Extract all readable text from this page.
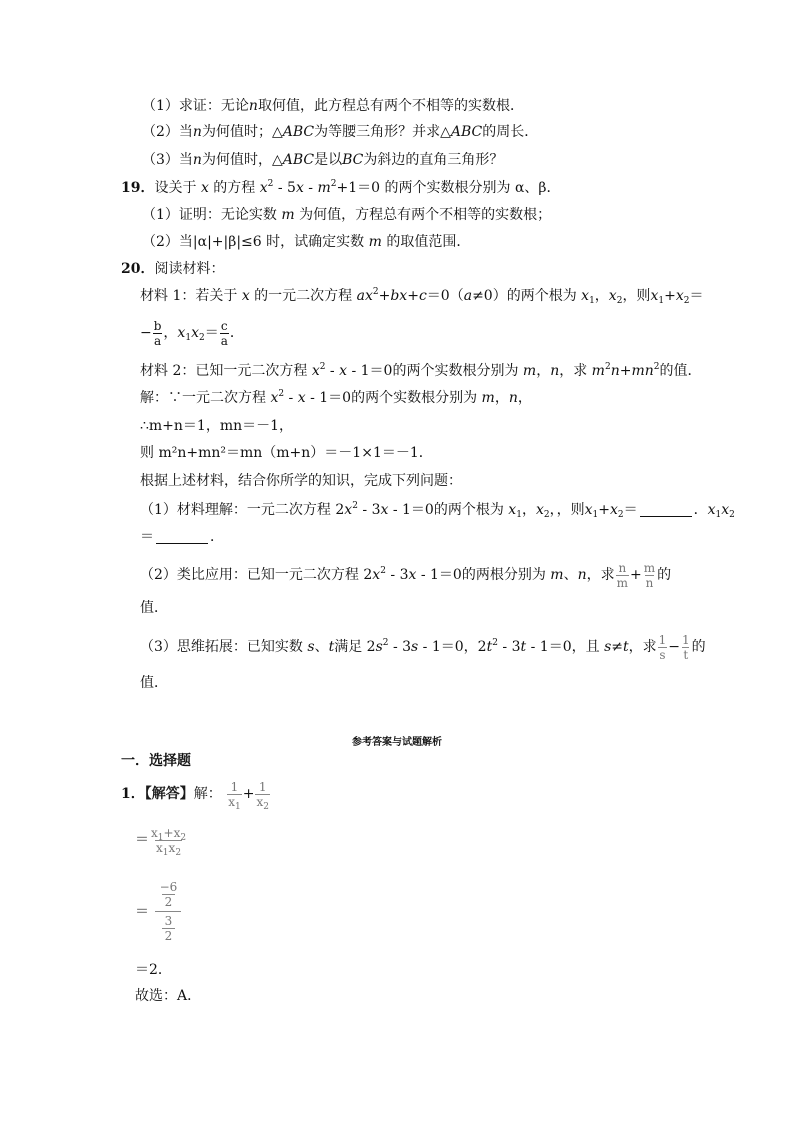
（1）求证：无论n取何值，此方程总有两个不相等的实数根．
（2）当n为何值时；△ABC为等腰三角形？并求△ABC的周长．
（3）当n为何值时，△ABC是以BC为斜边的直角三角形？
19．设关于 x 的方程 $x^2 - 5x - m^2+1=0$ 的两个实数根分别为 α、β．
（1）证明：无论实数 m 为何值，方程总有两个不相等的实数根；
（2）当|α|+|β|≤6 时，试确定实数 m 的取值范围．
20．阅读材料：
材料 1：若关于 x 的一元二次方程 $ax^2+bx+c=0(a\ne 0)$的两个根为 $x_1$，$x_2$，则$x_1+x_2=$
− $\frac{b}{a}$ ，$x_1x_2= \frac{c}{a}$ ．
材料 2：已知一元二次方程 $x^2 - x - 1=0$的两个实数根分别为 m，n，求 $m^2n+mn^2$的值．
解：∵一元二次方程 $x^2 - x - 1=0$的两个实数根分别为 m，n，
∴m+n＝1，mn＝－1，
则 m²n+mn²＝mn（m+n）＝－1×1＝－1．
根据上述材料，结合你所学的知识，完成下列问题：
（1）材料理解：一元二次方程 $2x^2 - 3x - 1=0$的两个根为 $x_1$，$x_2$，，则$x_1+x_2=$	．$x_1x_2$
＝	．
（2）类比应用：已知一元二次方程 $2x^2 - 3x - 1=0$的两根分别为 m、n，求 $\frac{n}{m} + \frac{m}{n}$ 的
值．
（3）思维拓展：已知实数 s、t满足 $2s^2 - 3s - 1=0$，$2t^2 - 3t - 1=0$，且 s≠t，求 $\frac{1}{s} - \frac{1}{t}$ 的
值．
参考答案与试题解析
一．选择题
1．【解答】解： $\frac{1}{x_1} + \frac{1}{x_2}$
＝ $\frac{x_1+x_2}{x_1x_2}$
＝ −6
2
3
2
＝2．
故选：A．
